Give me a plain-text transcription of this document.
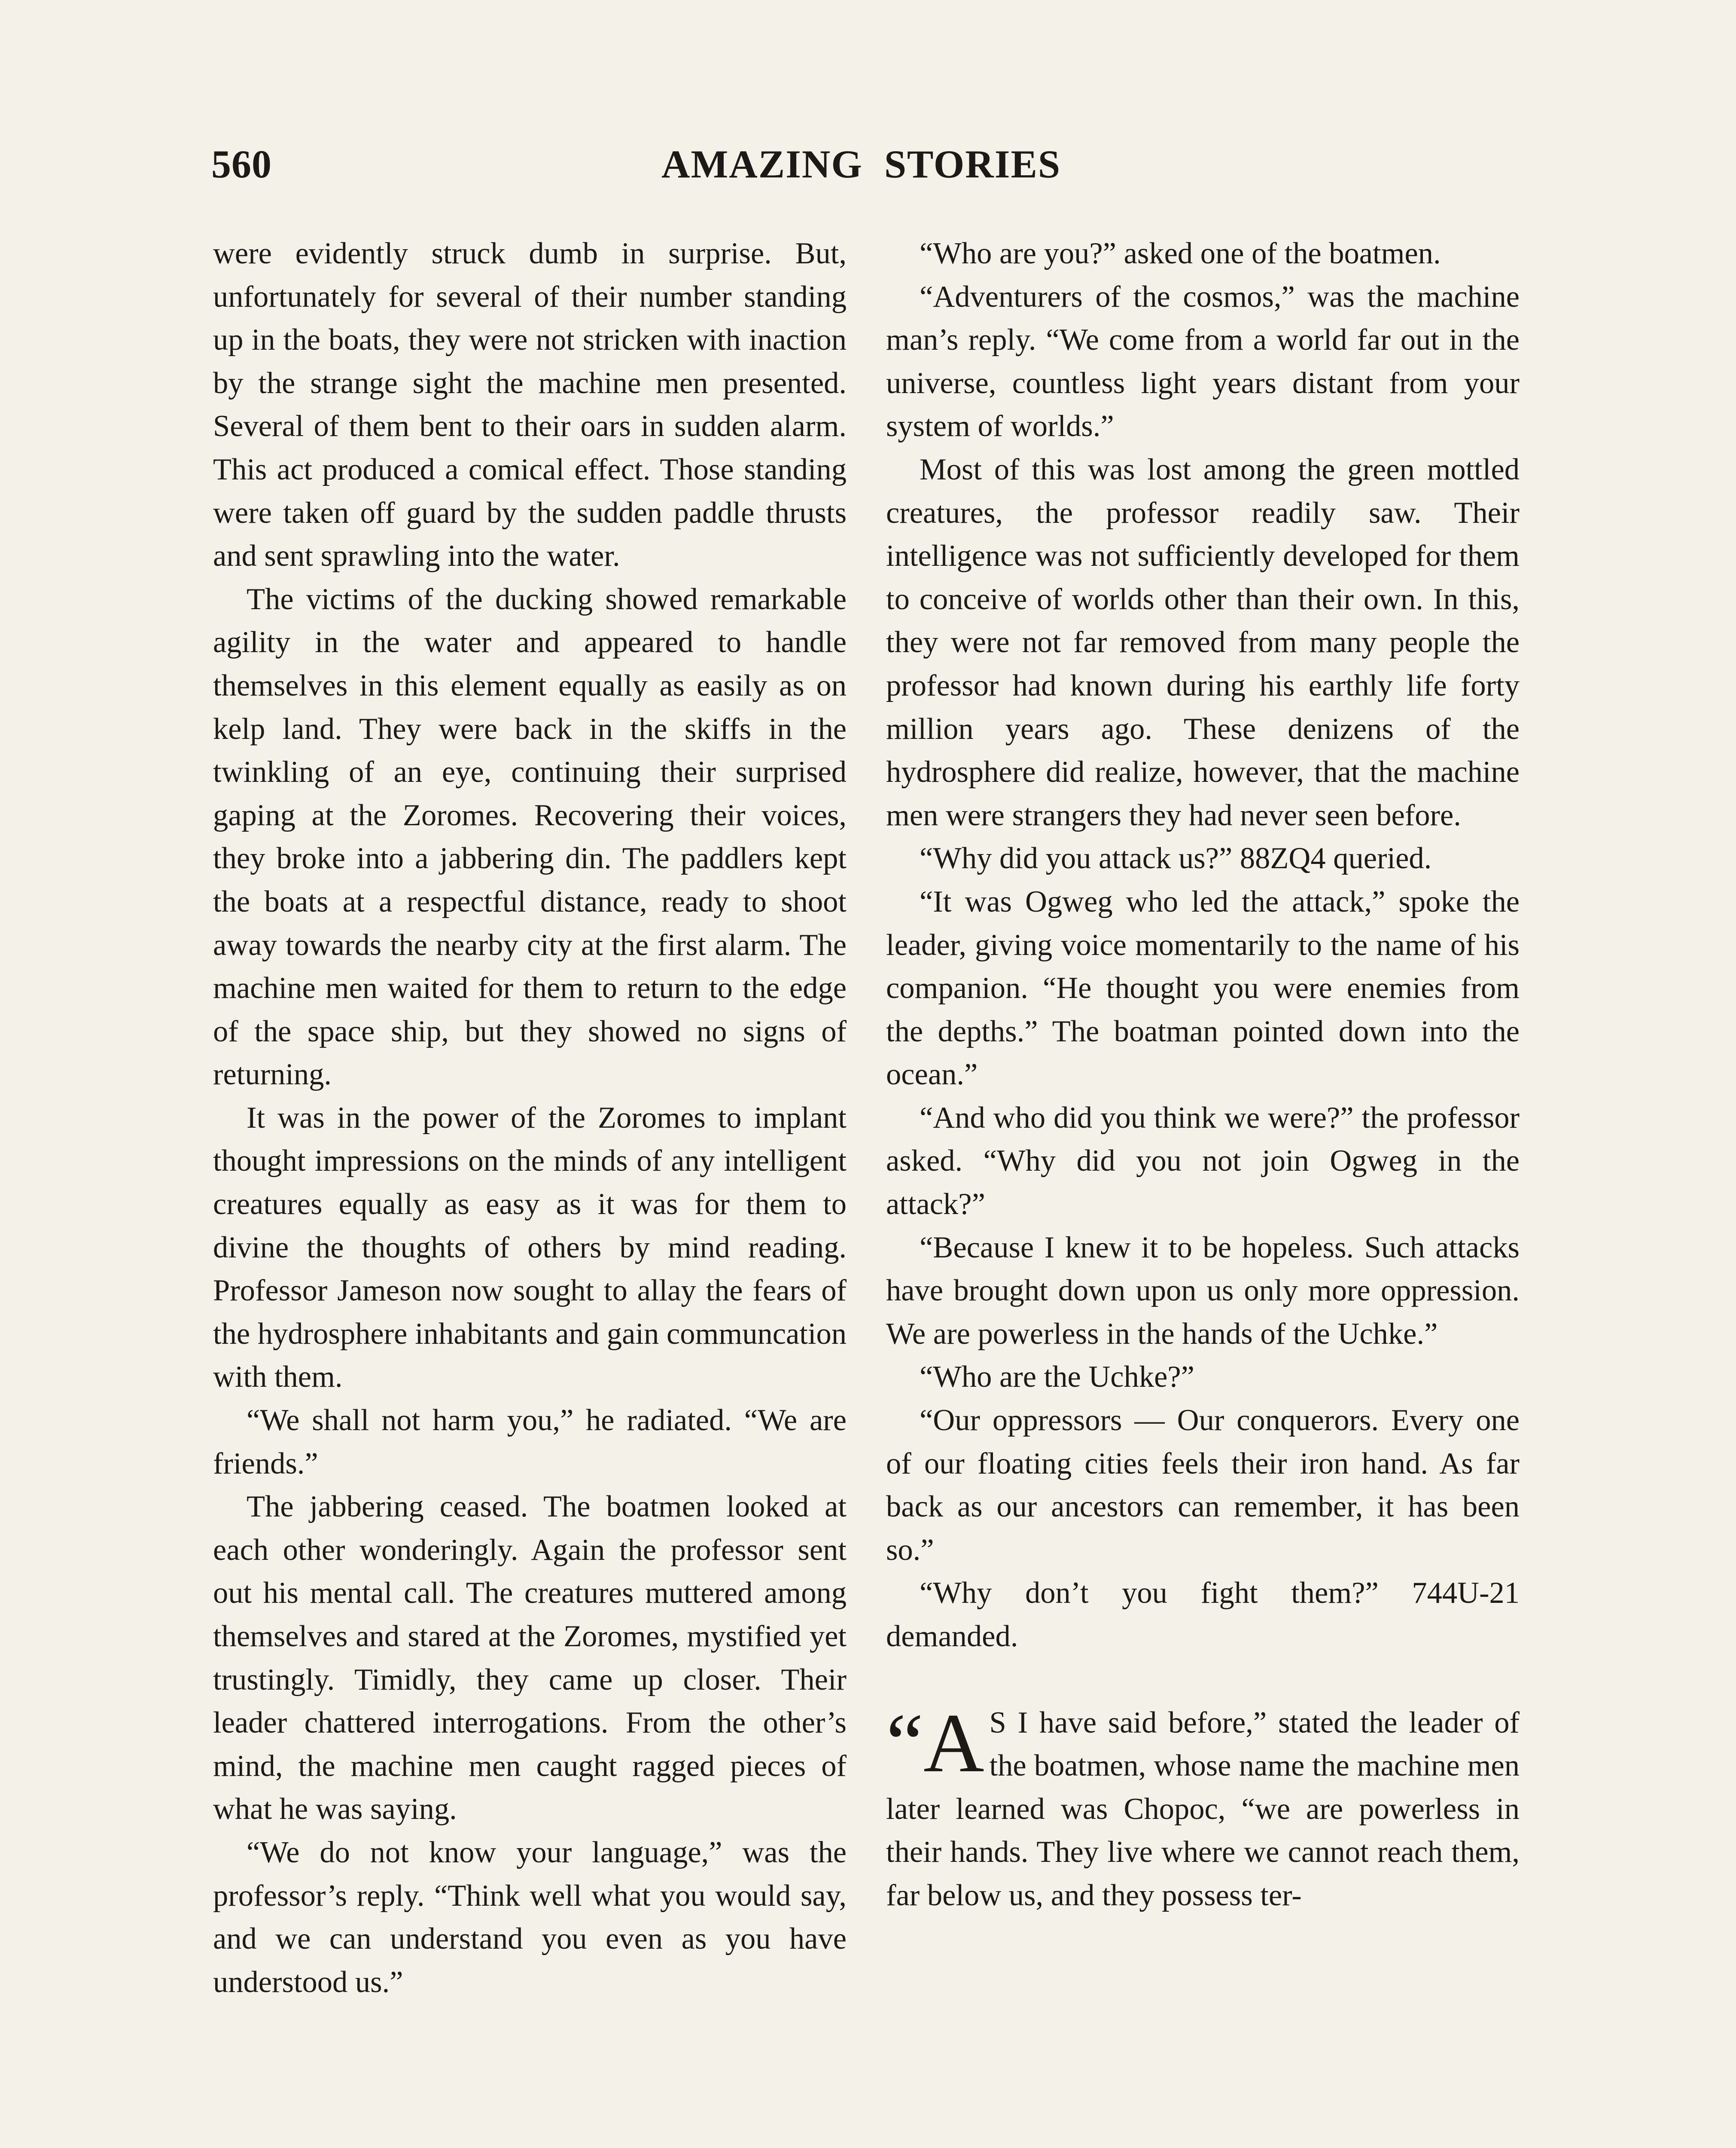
560	AMAZING  STORIES

were evidently struck dumb in surprise. But, unfortunately for several of their number standing up in the boats, they were not stricken with inaction by the strange sight the machine men presented. Several of them bent to their oars in sudden alarm. This act produced a comical effect. Those standing were taken off guard by the sudden paddle thrusts and sent sprawling into the water.

The victims of the ducking showed remarkable agility in the water and appeared to handle themselves in this element equally as easily as on kelp land. They were back in the skiffs in the twinkling of an eye, continuing their surprised gaping at the Zoromes. Recovering their voices, they broke into a jabbering din. The paddlers kept the boats at a respectful distance, ready to shoot away towards the nearby city at the first alarm. The machine men waited for them to return to the edge of the space ship, but they showed no signs of returning.

It was in the power of the Zoromes to implant thought impressions on the minds of any intelligent creatures equally as easy as it was for them to divine the thoughts of others by mind reading. Professor Jameson now sought to allay the fears of the hydrosphere inhabitants and gain communcation with them.

“We shall not harm you,” he radiated. “We are friends.”

The jabbering ceased. The boatmen looked at each other wonderingly. Again the professor sent out his mental call. The creatures muttered among themselves and stared at the Zoromes, mystified yet trustingly. Timidly, they came up closer. Their leader chattered interrogations. From the other’s mind, the machine men caught ragged pieces of what he was saying.

“We do not know your language,” was the professor’s reply. “Think well what you would say, and we can understand you even as you have understood us.”

“Who are you?” asked one of the boatmen.

“Adventurers of the cosmos,” was the machine man’s reply. “We come from a world far out in the universe, countless light years distant from your system of worlds.”

Most of this was lost among the green mottled creatures, the professor readily saw. Their intelligence was not sufficiently developed for them to conceive of worlds other than their own. In this, they were not far removed from many people the professor had known during his earthly life forty million years ago. These denizens of the hydrosphere did realize, however, that the machine men were strangers they had never seen before.

“Why did you attack us?” 88ZQ4 queried.

“It was Ogweg who led the attack,” spoke the leader, giving voice momentarily to the name of his companion. “He thought you were enemies from the depths.” The boatman pointed down into the ocean.”

“And who did you think we were?” the professor asked. “Why did you not join Ogweg in the attack?”

“Because I knew it to be hopeless. Such attacks have brought down upon us only more oppression. We are powerless in the hands of the Uchke.”

“Who are the Uchke?”

“Our oppressors — Our conquerors. Every one of our floating cities feels their iron hand. As far back as our ancestors can remember, it has been so.”

“Why don’t you fight them?” 744U-21 demanded.

“A S I have said before,” stated the leader of the boatmen, whose name the machine men later learned was Chopoc, “we are powerless in their hands. They live where we cannot reach them, far below us, and they possess ter-
